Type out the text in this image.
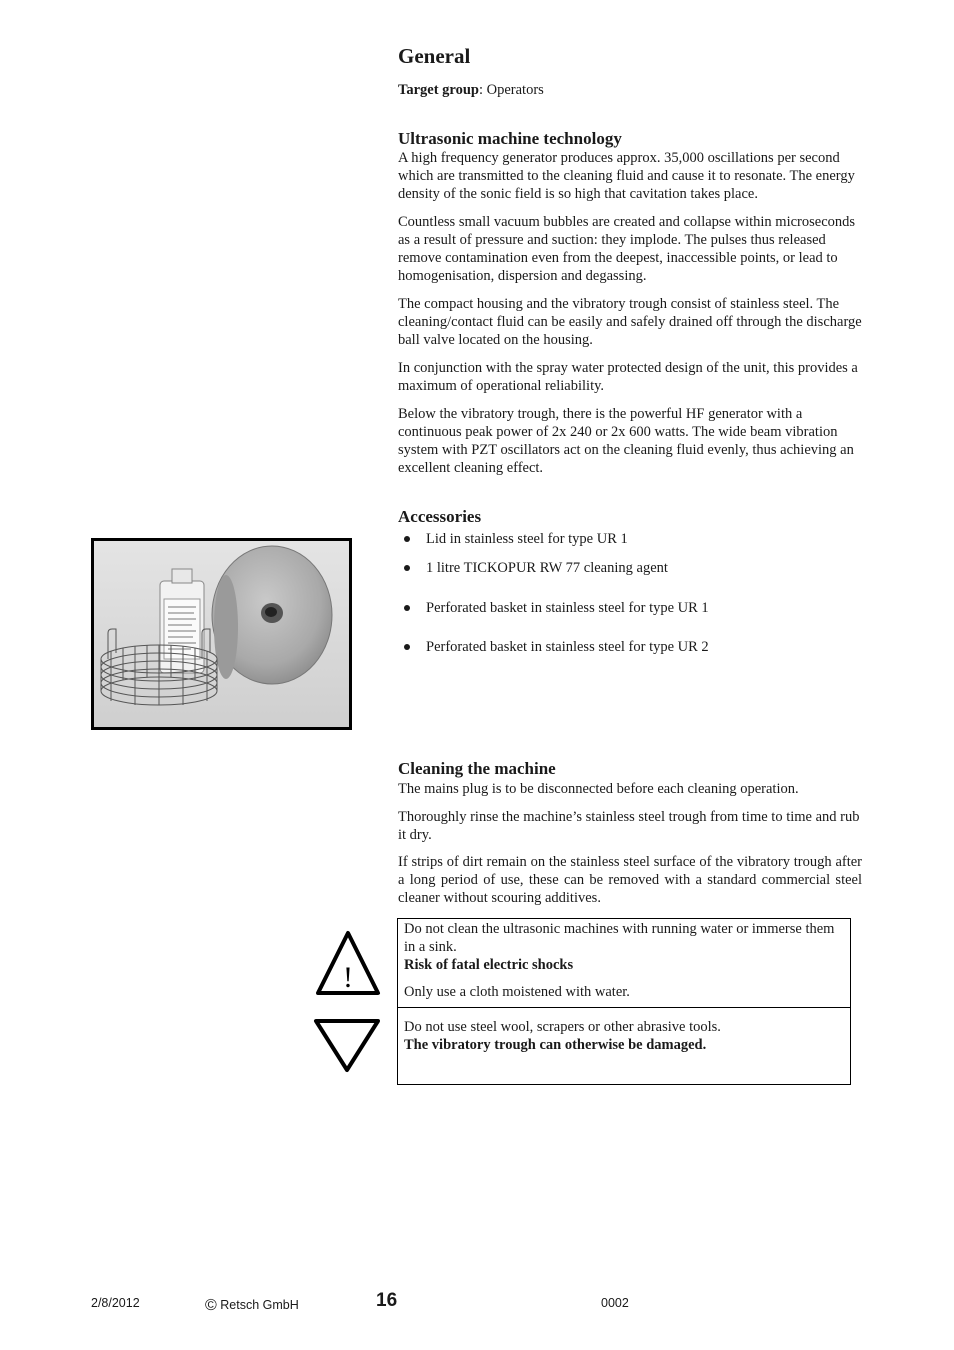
General

Target group: Operators

Ultrasonic machine technology

A high frequency generator produces approx. 35,000 oscillations per second which are transmitted to the cleaning fluid and cause it to resonate. The energy density of the sonic field is so high that cavitation takes place.

Countless small vacuum bubbles are created and collapse within microseconds as a result of pressure and suction: they implode. The pulses thus released remove contamination even from the deepest, inaccessible points, or lead to homogenisation, dispersion and degassing.

The compact housing and the vibratory trough consist of stainless steel. The cleaning/contact fluid can be easily and safely drained off through the discharge ball valve located on the housing.

In conjunction with the spray water protected design of the unit, this provides a maximum of operational reliability.

Below the vibratory trough, there is the powerful HF generator with a continuous peak power of 2x 240 or 2x 600 watts. The wide beam vibration system with PZT oscillators act on the cleaning fluid evenly, thus achieving an excellent cleaning effect.

Accessories
Lid in stainless steel for type UR 1
1 litre TICKOPUR RW 77 cleaning agent
Perforated basket in stainless steel for type UR 1
Perforated basket in stainless steel for type UR 2
Cleaning the machine

The mains plug is to be disconnected before each cleaning operation.

Thoroughly rinse the machine’s stainless steel trough from time to time and rub it dry.

If strips of dirt remain on the stainless steel surface of the vibratory trough after a long period of use, these can be removed with a standard commercial steel cleaner without scouring additives.

!

Do not clean the ultrasonic machines with running water or immerse them in a sink.

Risk of fatal electric shocks

Only use a cloth moistened with water.

Do not use steel wool, scrapers or other abrasive tools.

The vibratory trough can otherwise be damaged.

2/8/2012	© Retsch GmbH	16	0002
